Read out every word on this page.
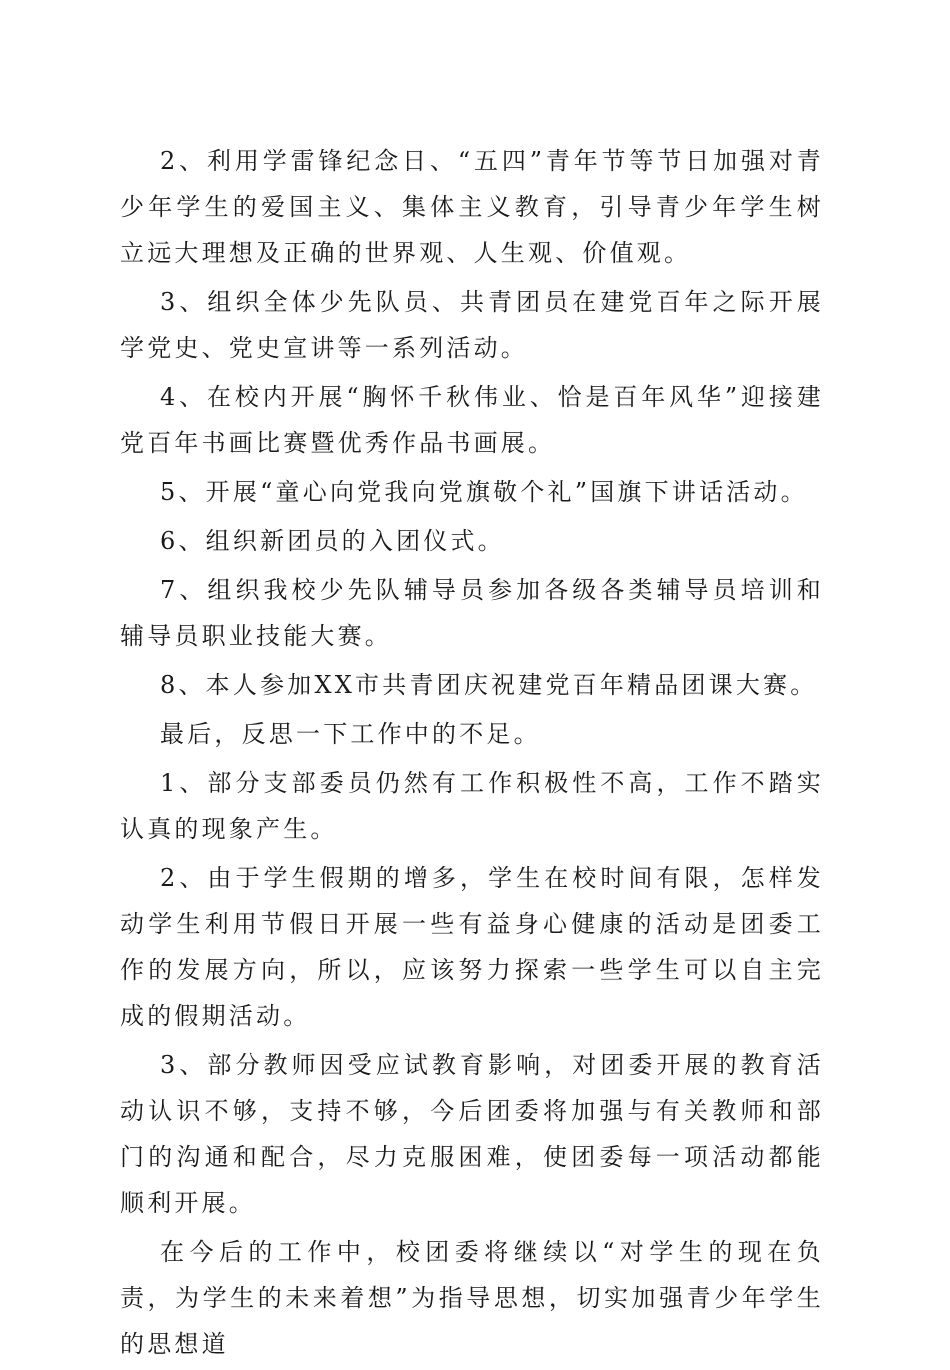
2、利用学雷锋纪念日、“五四”青年节等节日加强对青少年学生的爱国主义、集体主义教育，引导青少年学生树立远大理想及正确的世界观、人生观、价值观。

3、组织全体少先队员、共青团员在建党百年之际开展学党史、党史宣讲等一系列活动。

4、在校内开展“胸怀千秋伟业、恰是百年风华”迎接建党百年书画比赛暨优秀作品书画展。

5、开展“童心向党我向党旗敬个礼”国旗下讲话活动。

6、组织新团员的入团仪式。

7、组织我校少先队辅导员参加各级各类辅导员培训和辅导员职业技能大赛。

8、本人参加XX市共青团庆祝建党百年精品团课大赛。

最后，反思一下工作中的不足。

1、部分支部委员仍然有工作积极性不高，工作不踏实认真的现象产生。

2、由于学生假期的增多，学生在校时间有限，怎样发动学生利用节假日开展一些有益身心健康的活动是团委工作的发展方向，所以，应该努力探索一些学生可以自主完成的假期活动。

3、部分教师因受应试教育影响，对团委开展的教育活动认识不够，支持不够，今后团委将加强与有关教师和部门的沟通和配合，尽力克服困难，使团委每一项活动都能顺利开展。

在今后的工作中，校团委将继续以“对学生的现在负责，为学生的未来着想”为指导思想，切实加强青少年学生的思想道
